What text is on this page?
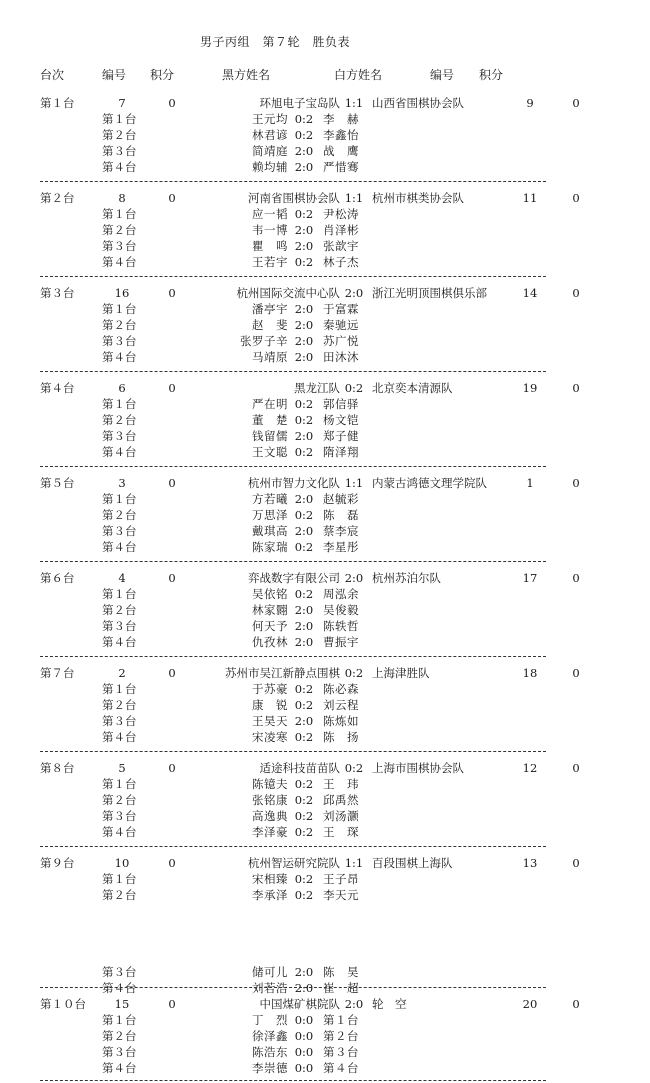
男子丙组　第７轮　胜负表
台次	编号 积分	黑方姓名	白方姓名	编号 积分
第１台	7	0	环旭电子宝岛队 1:1 山西省围棋协会队	9	0
第１台	王元均 0:2 李　赫
第２台	林君谚 0:2 李鑫怡
第３台	简靖庭 2:0 战　鹰
第４台	赖均辅 2:0 严惜骞
第２台	8	0	河南省围棋协会队 1:1 杭州市棋类协会队	11	0
第１台	应一韬 0:2 尹松涛
第２台	韦一博 2:0 肖泽彬
第３台	瞿　鸣 2:0 张歆宇
第４台	王若宇 0:2 林子杰
第３台	16	0	杭州国际交流中心队 2:0 浙江光明顶围棋俱乐部	14	0
第１台	潘亭宇 2:0 于富霖
第２台	赵　斐 2:0 秦驰远
第３台	张罗子辛 2:0 苏广悦
第４台	马靖原 2:0 田沐沐
第４台	6	0	黑龙江队 0:2 北京奕本清源队	19	0
第１台	严在明 0:2 郭信驿
第２台	董　楚 0:2 杨文铠
第３台	钱留儒 2:0 郑子健
第４台	王文聪 0:2 隋泽翔
第５台	3	0	杭州市智力文化队 1:1 内蒙古鸿德文理学院队	1	0
第１台	方若曦 2:0 赵毓彩
第２台	万思泽 0:2 陈　磊
第３台	戴琪高 2:0 蔡李宸
第４台	陈家瑞 0:2 李星彤
第６台	4	0	弈战数字有限公司 2:0 杭州苏泊尔队	17	0
第１台	吴依铭 0:2 周泓余
第２台	林家翾 2:0 吴俊毅
第３台	何天予 2:0 陈轶哲
第４台	仇孜林 2:0 曹振宇
第７台	2	0	苏州市吴江新静点围棋 0:2 上海津胜队	18	0
第１台	于苏豪 0:2 陈必森
第２台	康　锐 0:2 刘云程
第３台	王昊天 2:0 陈炼如
第４台	宋凌寒 0:2 陈　扬
第８台	5	0	适途科技苗苗队 0:2 上海市围棋协会队	12	0
第１台	陈镱夫 0:2 王　玮
第２台	张铭康 0:2 邱禹然
第３台	高逸典 0:2 刘汤灏
第４台	李泽豪 0:2 王　琛
第９台	10	0	杭州智运研究院队 1:1 百段围棋上海队	13	0
第１台	宋相臻 0:2 王子昂
第２台	李承泽 0:2 李天元
第３台	储可儿 2:0 陈　昊
第４台	刘若浩 2:0 崔　超
第１０台 15	0	中国煤矿棋院队 2:0 轮　空	20	0
第１台	丁　烈 0:0 第１台
第２台	徐泽鑫 0:0 第２台
第３台	陈浩东 0:0 第３台
第４台	李崇德 0:0 第４台
